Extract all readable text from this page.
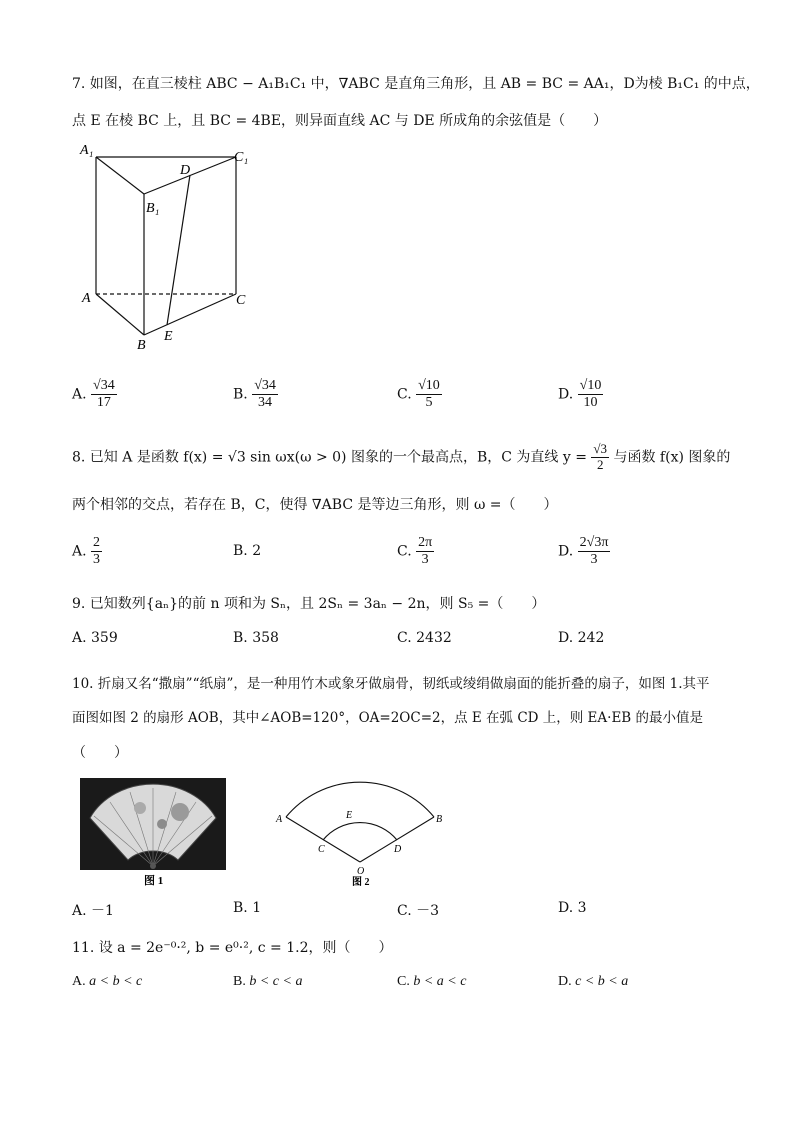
7. 如图，在直三棱柱 ABC − A₁B₁C₁ 中，∇ABC 是直角三角形，且 AB = BC = AA₁，D为棱 B₁C₁ 的中点，
点 E 在棱 BC 上，且 BC = 4BE，则异面直线 AC 与 DE 所成角的余弦值是（　　）
A₁	C₁
D
B₁
A	C
B
E
A. $\frac{√34}{17}$	B. $\frac{√34}{34}$	C. $\frac{√10}{5}$	D. $\frac{√10}{10}$
8. 已知 A 是函数 f(x) = √3 sin ωx(ω > 0) 图象的一个最高点，B，C 为直线 $y = \frac{√3}{2}$ 与函数 f(x) 图象的
两个相邻的交点，若存在 B，C，使得 ∇ABC 是等边三角形，则 ω =（　　）
A. $\frac{2}{3}$	B. 2	C. $\frac{2\pi}{3}$	D. $\frac{2√3\pi}{3}$
9. 已知数列{aₙ}的前 n 项和为 Sₙ，且 2Sₙ = 3aₙ − 2n，则 S₅ =（　　）
A. 359	B. 358	C. 2432	D. 242
10. 折扇又名“撒扇”“纸扇”，是一种用竹木或象牙做扇骨，韧纸或绫绢做扇面的能折叠的扇子，如图 1.其平
面图如图 2 的扇形 AOB，其中∠AOB=120°，OA=2OC=2，点 E 在弧 CD 上，则 EA·EB 的最小值是
（　　）
图 1
A	B
C	D
E
O
图 2
A. －1	B. 1	C. －3	D. 3
11. 设 a = 2e⁻⁰·², b = e⁰·², c = 1.2，则（　　）
A. a < b < c	B. b < c < a	C. b < a < c	D. c < b < a
